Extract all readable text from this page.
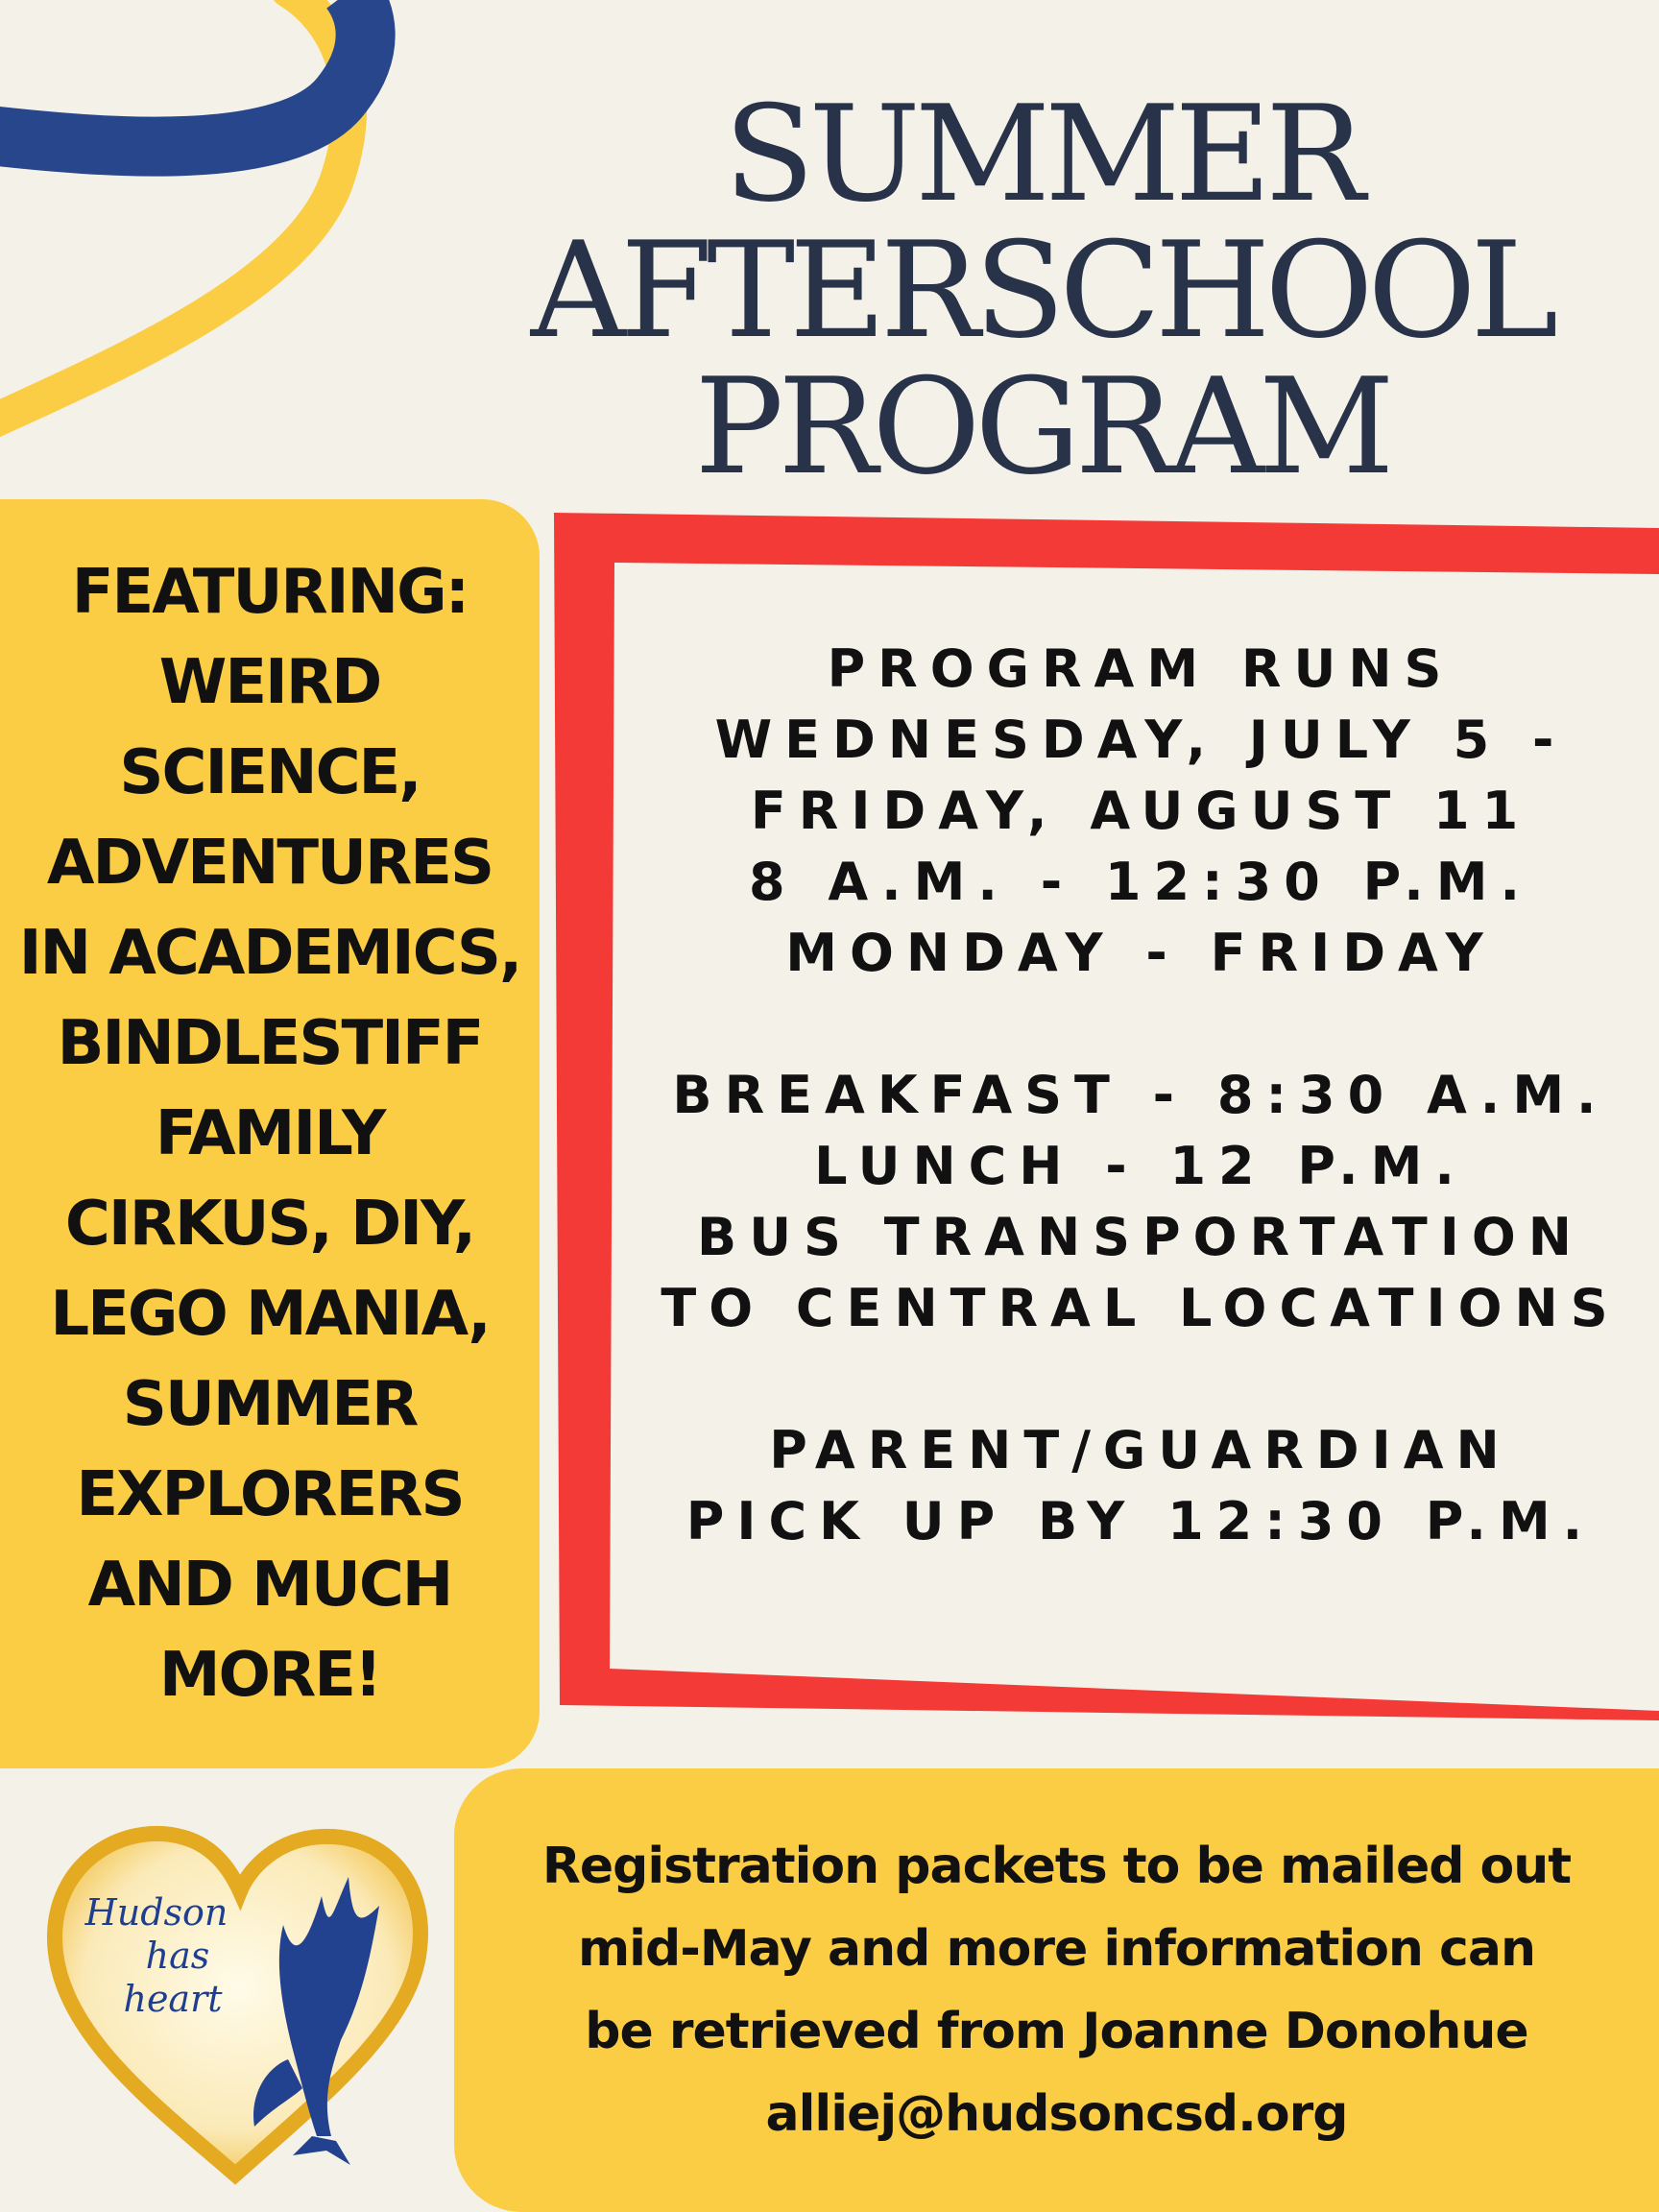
SUMMER
AFTERSCHOOL
PROGRAM
FEATURING:
WEIRD
SCIENCE,
ADVENTURES
IN ACADEMICS,
BINDLESTIFF
FAMILY
CIRKUS, DIY,
LEGO MANIA,
SUMMER
EXPLORERS
AND MUCH
MORE!
PROGRAM RUNS
WEDNESDAY, JULY 5 -
FRIDAY, AUGUST 11
8 A.M. - 12:30 P.M.
MONDAY - FRIDAY
BREAKFAST - 8:30 A.M.
LUNCH - 12 P.M.
BUS TRANSPORTATION
TO CENTRAL LOCATIONS
PARENT/GUARDIAN
PICK UP BY 12:30 P.M.
Hudson
has
heart
Registration packets to be mailed out
mid-May and more information can
be retrieved from Joanne Donohue
alliej@hudsoncsd.org
